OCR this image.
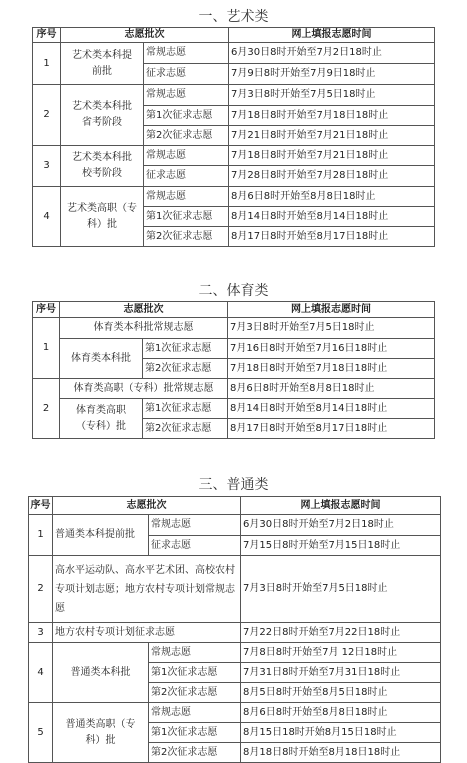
一、艺术类
序号	志愿批次		网上填报志愿时间
1	艺术类本科提前批	常规志愿	6月30日8时开始至7月2日18时止
		征求志愿	7月9日8时开始至7月9日18时止
2	艺术类本科批省考阶段	常规志愿	7月3日8时开始至7月5日18时止
		第1次征求志愿	7月18日8时开始至7月18日18时止
		第2次征求志愿	7月21日8时开始至7月21日18时止
3	艺术类本科批校考阶段	常规志愿	7月18日8时开始至7月21日18时止
		征求志愿	7月28日8时开始至7月28日18时止
4	艺术类高职（专科）批	常规志愿	8月6日8时开始至8月8日18时止
		第1次征求志愿	8月14日8时开始至8月14日18时止
		第2次征求志愿	8月17日8时开始至8月17日18时止
二、体育类
序号	志愿批次		网上填报志愿时间
1	体育类本科批常规志愿		7月3日8时开始至7月5日18时止
	体育类本科批	第1次征求志愿	7月16日8时开始至7月16日18时止
		第2次征求志愿	7月18日8时开始至7月18日18时止
2	体育类高职（专科）批常规志愿		8月6日8时开始至8月8日18时止
	体育类高职（专科）批	第1次征求志愿	8月14日8时开始至8月14日18时止
		第2次征求志愿	8月17日8时开始至8月17日18时止
三、普通类
序号	志愿批次		网上填报志愿时间
1	普通类本科提前批	常规志愿	6月30日8时开始至7月2日18时止
		征求志愿	7月15日8时开始至7月15日18时止
2	高水平运动队、高水平艺术团、高校农村专项计划志愿；地方农村专项计划常规志愿		7月3日8时开始至7月5日18时止
3	地方农村专项计划征求志愿		7月22日8时开始至7月22日18时止
4	普通类本科批	常规志愿	7月8日8时开始至7月 12日18时止
		第1次征求志愿	7月31日8时开始至7月31日18时止
		第2次征求志愿	8月5日8时开始至8月5日18时止
5	普通类高职（专科）批	常规志愿	8月6日8时开始至8月8日18时止
		第1次征求志愿	8月15日18时开始8月15日18时止
		第2次征求志愿	8月18日8时开始至8月18日18时止
